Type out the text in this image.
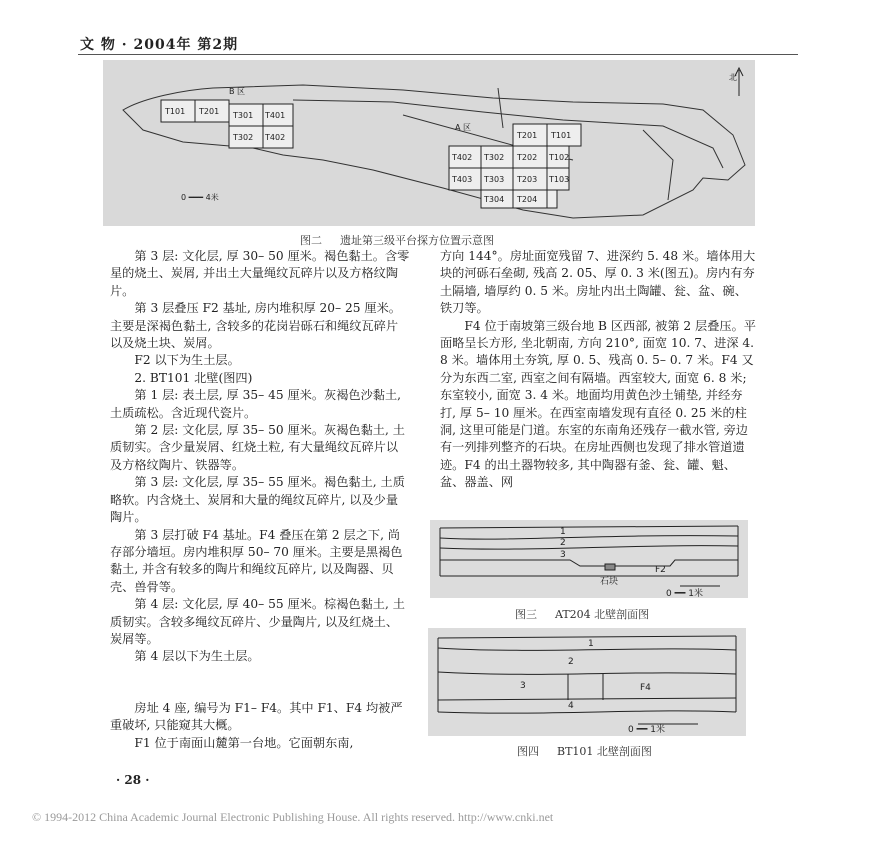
文 物 · 2004年 第2期
T101 T201 T301 T401
T302 T402
B 区
T201 T101
T202
T402 T302	T102
T403 T303 T203 T103
T304 T204
A 区
北
0 ━━━ 4米
图二 遗址第三级平台探方位置示意图

第 3 层: 文化层, 厚 30– 50 厘米。褐色黏土。含零星的烧土、炭屑, 并出土大量绳纹瓦碎片以及方格纹陶片。

第 3 层叠压 F2 基址, 房内堆积厚 20– 25 厘米。主要是深褐色黏土, 含较多的花岗岩砾石和绳纹瓦碎片以及烧土块、炭屑。

F2 以下为生土层。

2. BT101 北壁(图四)

第 1 层: 表土层, 厚 35– 45 厘米。灰褐色沙黏土, 土质疏松。含近现代瓷片。

第 2 层: 文化层, 厚 35– 50 厘米。灰褐色黏土, 土质韧实。含少量炭屑、红烧土粒, 有大量绳纹瓦碎片以及方格纹陶片、铁器等。

第 3 层: 文化层, 厚 35– 55 厘米。褐色黏土, 土质略软。内含烧土、炭屑和大量的绳纹瓦碎片, 以及少量陶片。

第 3 层打破 F4 基址。F4 叠压在第 2 层之下, 尚存部分墙垣。房内堆积厚 50– 70 厘米。主要是黑褐色黏土, 并含有较多的陶片和绳纹瓦碎片, 以及陶器、贝壳、兽骨等。

第 4 层: 文化层, 厚 40– 55 厘米。棕褐色黏土, 土质韧实。含较多绳纹瓦碎片、少量陶片, 以及红烧土、炭屑等。

第 4 层以下为生土层。

房址 4 座, 编号为 F1– F4。其中 F1、F4 均被严重破坏, 只能窥其大概。

F1 位于南面山麓第一台地。它面朝东南,

方向 144°。房址面宽残留 7、进深约 5. 48 米。墙体用大块的河砾石垒砌, 残高 2. 05、厚 0. 3 米(图五)。房内有夯土隔墙, 墙厚约 0. 5 米。房址内出土陶罐、瓮、盆、碗、铁刀等。

F4 位于南坡第三级台地 B 区西部, 被第 2 层叠压。平面略呈长方形, 坐北朝南, 方向 210°, 面宽 10. 7、进深 4. 8 米。墙体用土夯筑, 厚 0. 5、残高 0. 5– 0. 7 米。F4 又分为东西二室, 西室之间有隔墙。西室较大, 面宽 6. 8 米; 东室较小, 面宽 3. 4 米。地面均用黄色沙土铺垫, 并经夯打, 厚 5– 10 厘米。在西室南墙发现有直径 0. 25 米的柱洞, 这里可能是门道。东室的东南角还残存一截水管, 旁边有一列排列整齐的石块。在房址西侧也发现了排水管道遗迹。F4 的出土器物较多, 其中陶器有釜、瓮、罐、魁、盆、器盖、网

1
2
3
F2
石块
0 ━━ 1米
图三 AT204 北壁剖面图
1
2
3	F4
4
0 ━━ 1米
图四 BT101 北壁剖面图
· 28 ·
© 1994-2012 China Academic Journal Electronic Publishing House. All rights reserved. http://www.cnki.net
